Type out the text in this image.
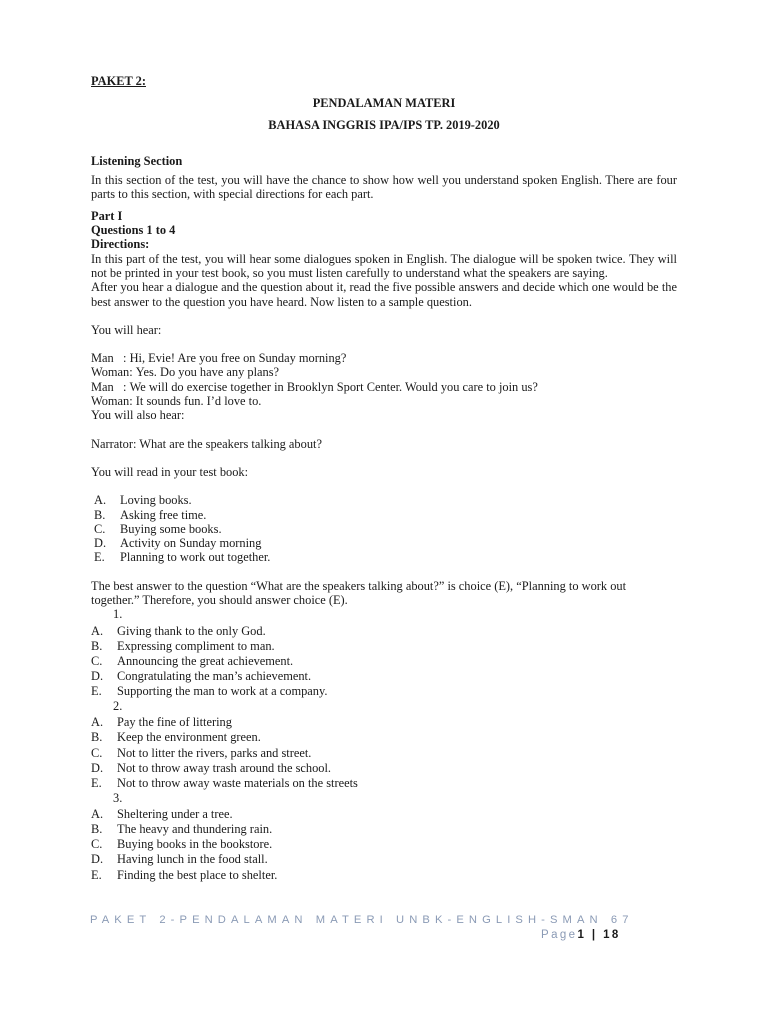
PAKET 2:
PENDALAMAN MATERI
BAHASA INGGRIS IPA/IPS TP. 2019-2020
Listening Section
In this section of the test, you will have the chance to show how well you understand spoken English. There are four parts to this section, with special directions for each part.
Part I
Questions 1 to 4
Directions:
In this part of the test, you will hear some dialogues spoken in English. The dialogue will be spoken twice. They will not be printed in your test book, so you must listen carefully to understand what the speakers are saying.
After you hear a dialogue and the question about it, read the five possible answers and decide which one would be the best answer to the question you have heard. Now listen to a sample question.
You will hear:
Man : Hi, Evie! Are you free on Sunday morning?
Woman : Yes. Do you have any plans?
Man : We will do exercise together in Brooklyn Sport Center. Would you care to join us?
Woman : It sounds fun. I’d love to.
You will also hear:
Narrator: What are the speakers talking about?
You will read in your test book:
A.	Loving books.
B.	Asking free time.
C.	Buying some books.
D.	Activity on Sunday morning
E.	Planning to work out together.
The best answer to the question “What are the speakers talking about?” is choice (E), “Planning to work out together.” Therefore, you should answer choice (E).
1.
A.	Giving thank to the only God.
B.	Expressing compliment to man.
C.	Announcing the great achievement.
D.	Congratulating the man’s achievement.
E.	Supporting the man to work at a company.
2.
A.	Pay the fine of littering
B.	Keep the environment green.
C.	Not to litter the rivers, parks and street.
D.	Not to throw away trash around the school.
E.	Not to throw away waste materials on the streets
3.
A.	Sheltering under a tree.
B.	The heavy and thundering rain.
C.	Buying books in the bookstore.
D.	Having lunch in the food stall.
E.	Finding the best place to shelter.
PAKET 2-PENDALAMAN MATERI UNBK-ENGLISH-SMAN 67
Page1 | 18
